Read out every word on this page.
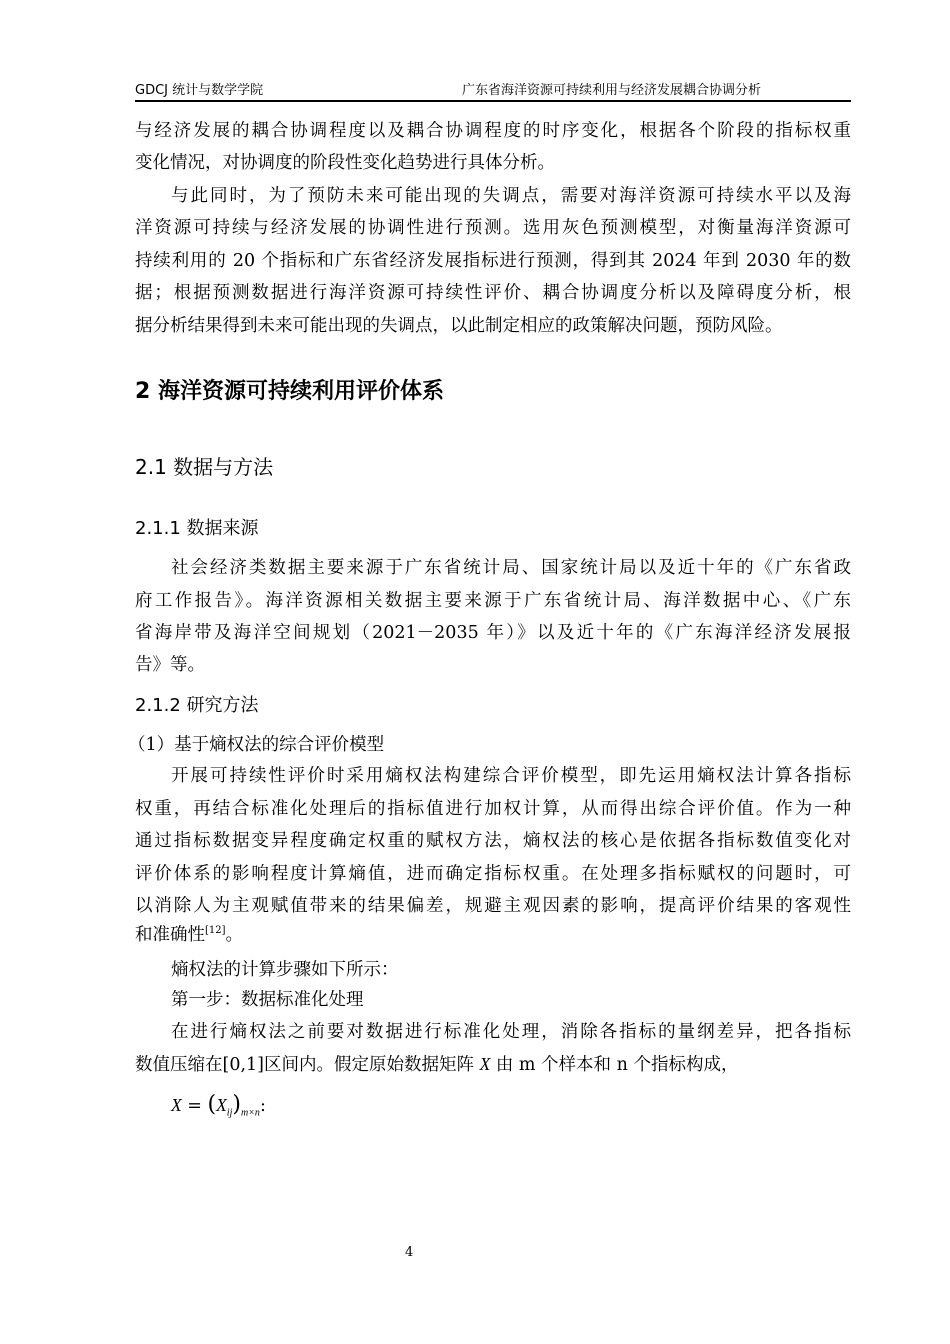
GDCJ 统计与数学学院	广东省海洋资源可持续利用与经济发展耦合协调分析
与经济发展的耦合协调程度以及耦合协调程度的时序变化，根据各个阶段的指标权重
变化情况，对协调度的阶段性变化趋势进行具体分析。
与此同时，为了预防未来可能出现的失调点，需要对海洋资源可持续水平以及海
洋资源可持续与经济发展的协调性进行预测。选用灰色预测模型，对衡量海洋资源可
持续利用的 20 个指标和广东省经济发展指标进行预测，得到其 2024 年到 2030 年的数
据；根据预测数据进行海洋资源可持续性评价、耦合协调度分析以及障碍度分析，根
据分析结果得到未来可能出现的失调点，以此制定相应的政策解决问题，预防风险。
2 海洋资源可持续利用评价体系
2.1 数据与方法
2.1.1 数据来源
社会经济类数据主要来源于广东省统计局、国家统计局以及近十年的《广东省政
府工作报告》。海洋资源相关数据主要来源于广东省统计局、海洋数据中心、《广东
省海岸带及海洋空间规划（2021－2035 年）》以及近十年的《广东海洋经济发展报
告》等。
2.1.2 研究方法
（1）基于熵权法的综合评价模型
开展可持续性评价时采用熵权法构建综合评价模型，即先运用熵权法计算各指标
权重，再结合标准化处理后的指标值进行加权计算，从而得出综合评价值。作为一种
通过指标数据变异程度确定权重的赋权方法，熵权法的核心是依据各指标数值变化对
评价体系的影响程度计算熵值，进而确定指标权重。在处理多指标赋权的问题时，可
以消除人为主观赋值带来的结果偏差，规避主观因素的影响，提高评价结果的客观性
和准确性[12]。
熵权法的计算步骤如下所示：
第一步：数据标准化处理
在进行熵权法之前要对数据进行标准化处理，消除各指标的量纲差异，把各指标
数值压缩在[0,1]区间内。假定原始数据矩阵 X 由 m 个样本和 n 个指标构成，
$X = (X_{ij})_{m\times n}$:
4
